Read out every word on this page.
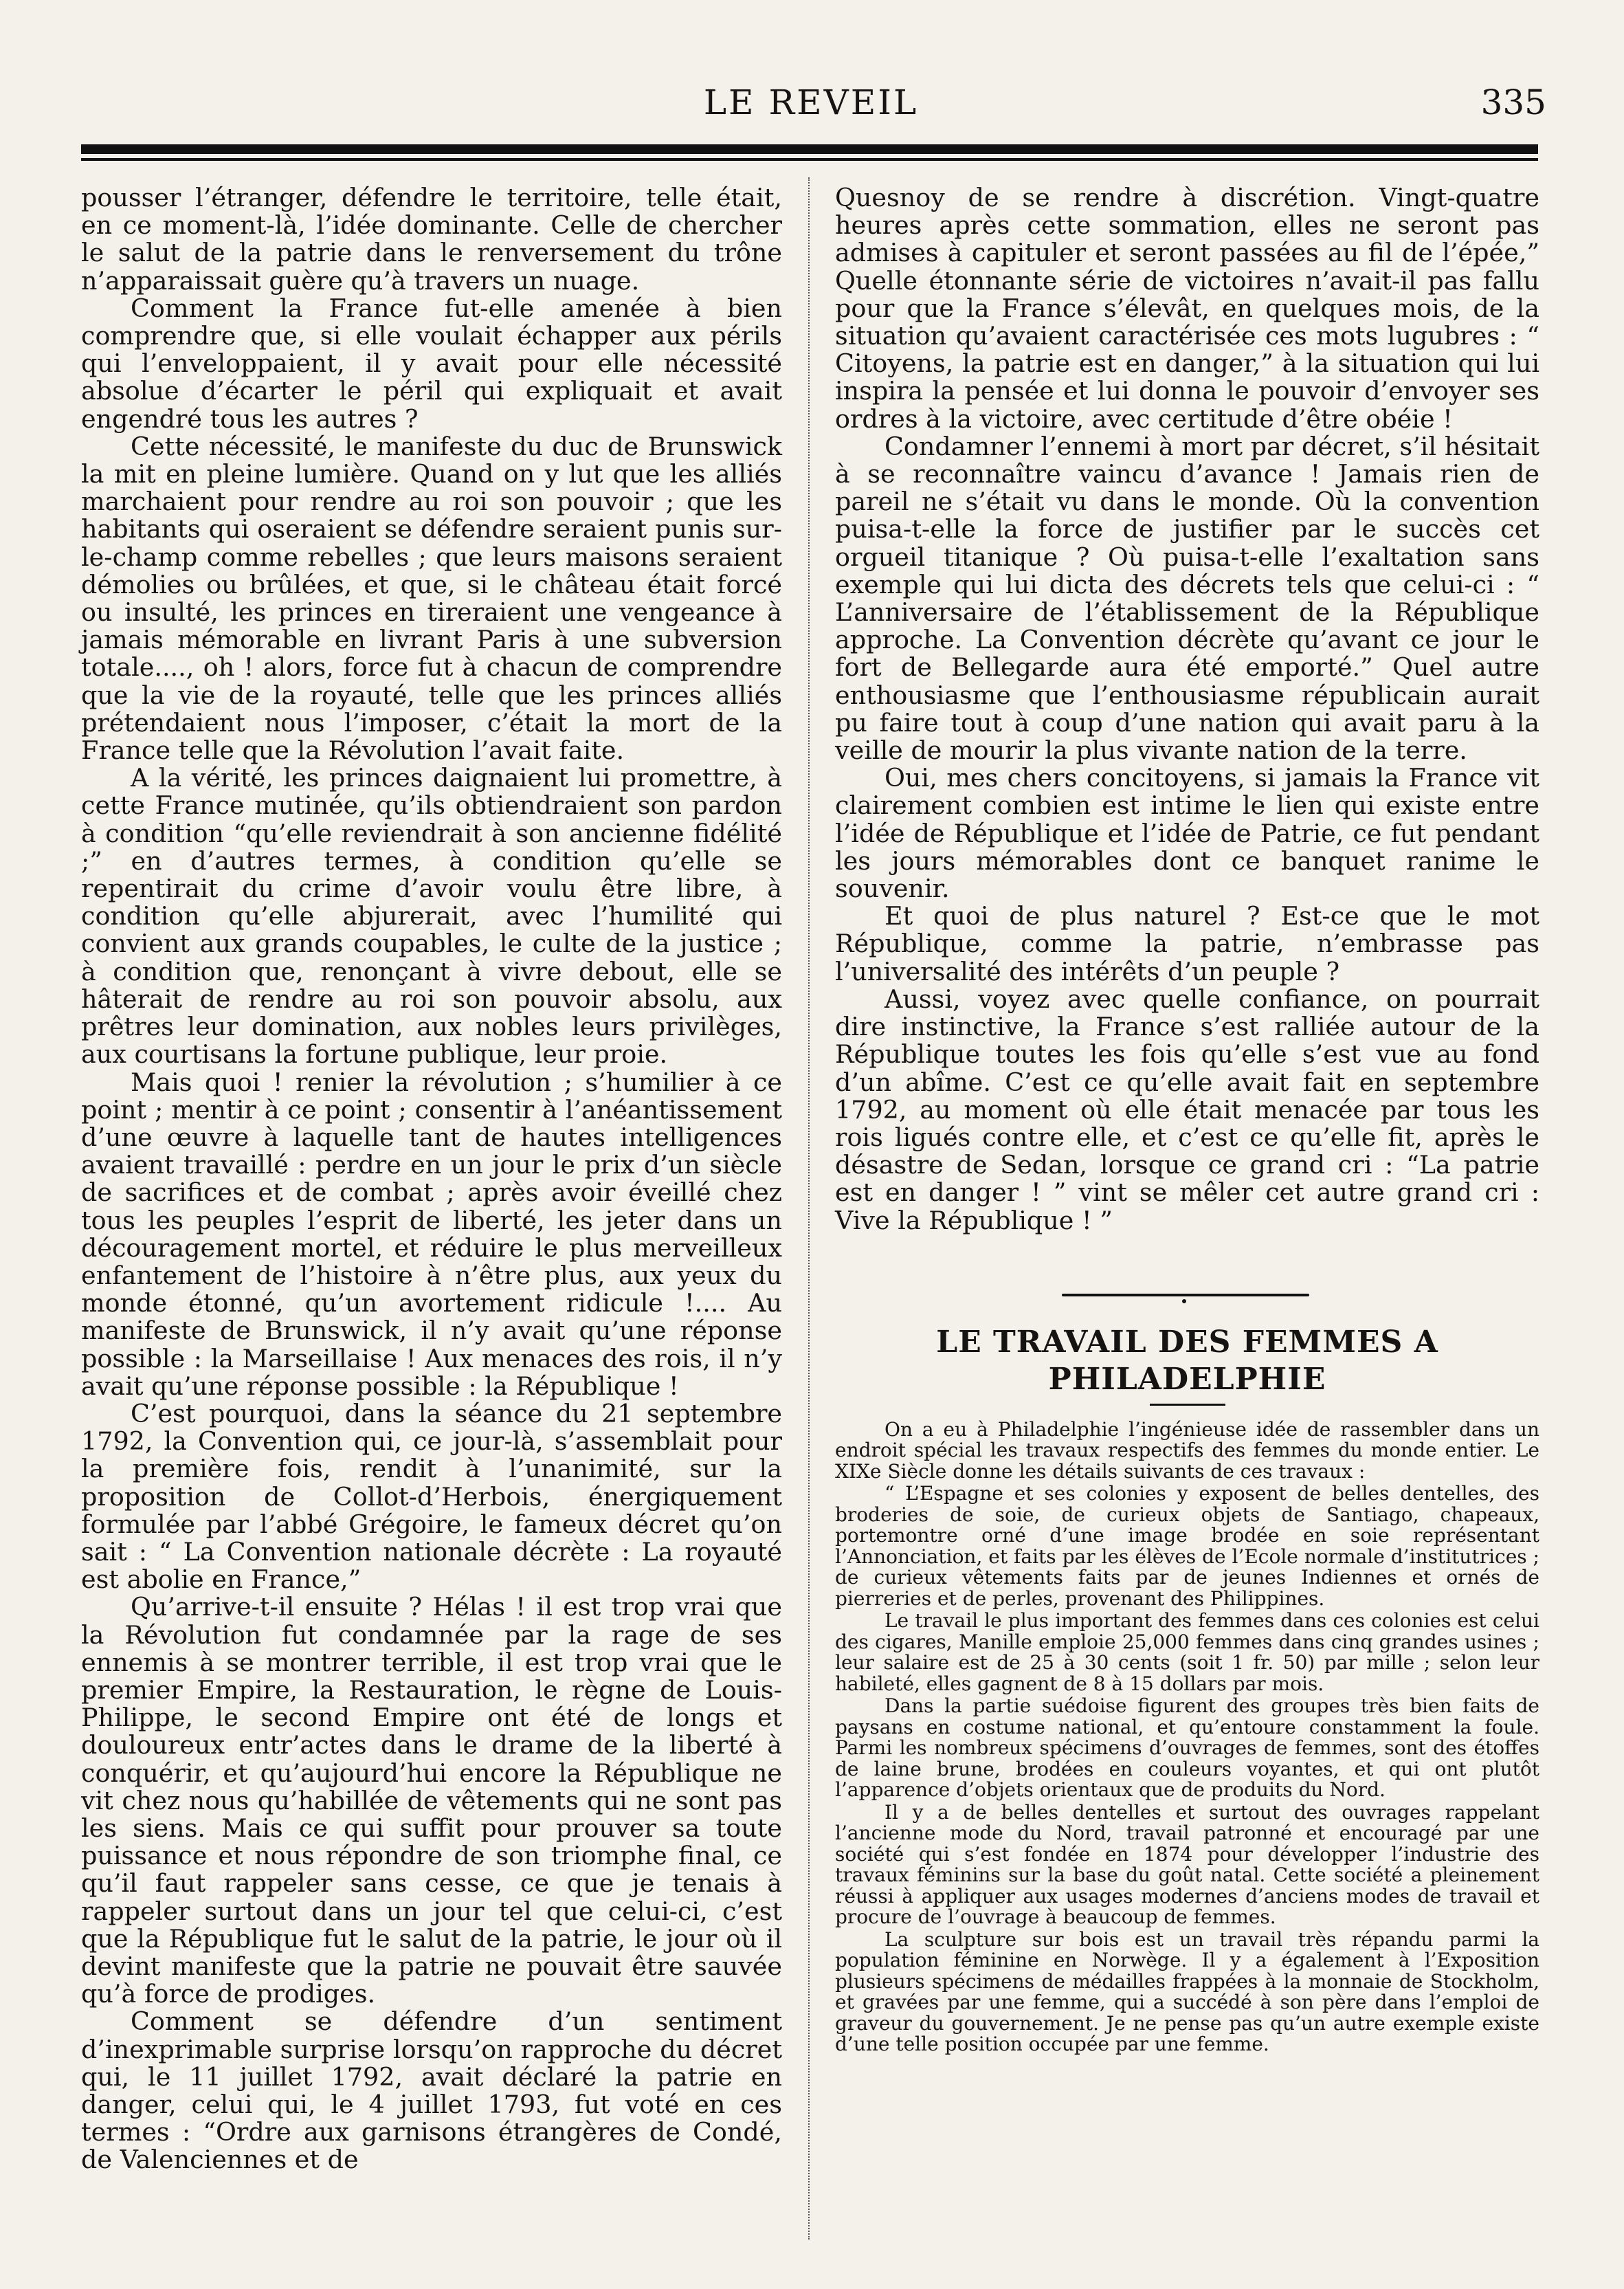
LE REVEIL	335

pousser l’étranger, défendre le territoire, telle était, en ce moment-là, l’idée dominante. Celle de chercher le salut de la patrie dans le renversement du trône n’apparaissait guère qu’à travers un nuage.

Comment la France fut-elle amenée à bien comprendre que, si elle voulait échapper aux périls qui l’enveloppaient, il y avait pour elle nécessité absolue d’écarter le péril qui expliquait et avait engendré tous les autres ?

Cette nécessité, le manifeste du duc de Brunswick la mit en pleine lumière. Quand on y lut que les alliés marchaient pour rendre au roi son pouvoir ; que les habitants qui oseraient se défendre seraient punis sur-le-champ comme rebelles ; que leurs maisons seraient démolies ou brûlées, et que, si le château était forcé ou insulté, les princes en tireraient une vengeance à jamais mémorable en livrant Paris à une subversion totale...., oh ! alors, force fut à chacun de comprendre que la vie de la royauté, telle que les princes alliés prétendaient nous l’imposer, c’était la mort de la France telle que la Révolution l’avait faite.

A la vérité, les princes daignaient lui promettre, à cette France mutinée, qu’ils obtiendraient son pardon à condition “qu’elle reviendrait à son ancienne fidélité ;” en d’autres termes, à condition qu’elle se repentirait du crime d’avoir voulu être libre, à condition qu’elle abjurerait, avec l’humilité qui convient aux grands coupables, le culte de la justice ; à condition que, renonçant à vivre debout, elle se hâterait de rendre au roi son pouvoir absolu, aux prêtres leur domination, aux nobles leurs privilèges, aux courtisans la fortune publique, leur proie.

Mais quoi ! renier la révolution ; s’humilier à ce point ; mentir à ce point ; consentir à l’anéantissement d’une œuvre à laquelle tant de hautes intelligences avaient travaillé : perdre en un jour le prix d’un siècle de sacrifices et de combat ; après avoir éveillé chez tous les peuples l’esprit de liberté, les jeter dans un découragement mortel, et réduire le plus merveilleux enfantement de l’histoire à n’être plus, aux yeux du monde étonné, qu’un avortement ridicule !.... Au manifeste de Brunswick, il n’y avait qu’une réponse possible : la Marseillaise ! Aux menaces des rois, il n’y avait qu’une réponse possible : la République !

C’est pourquoi, dans la séance du 21 septembre 1792, la Convention qui, ce jour-là, s’assemblait pour la première fois, rendit à l’unanimité, sur la proposition de Collot-d’Herbois, énergiquement formulée par l’abbé Grégoire, le fameux décret qu’on sait : “ La Convention nationale décrète : La royauté est abolie en France,”

Qu’arrive-t-il ensuite ? Hélas ! il est trop vrai que la Révolution fut condamnée par la rage de ses ennemis à se montrer terrible, il est trop vrai que le premier Empire, la Restauration, le règne de Louis-Philippe, le second Empire ont été de longs et douloureux entr’actes dans le drame de la liberté à conquérir, et qu’aujourd’hui encore la République ne vit chez nous qu’habillée de vêtements qui ne sont pas les siens. Mais ce qui suffit pour prouver sa toute puissance et nous répondre de son triomphe final, ce qu’il faut rappeler sans cesse, ce que je tenais à rappeler surtout dans un jour tel que celui-ci, c’est que la République fut le salut de la patrie, le jour où il devint manifeste que la patrie ne pouvait être sauvée qu’à force de prodiges.

Comment se défendre d’un sentiment d’inexprimable surprise lorsqu’on rapproche du décret qui, le 11 juillet 1792, avait déclaré la patrie en danger, celui qui, le 4 juillet 1793, fut voté en ces termes : “Ordre aux garnisons étrangères de Condé, de Valenciennes et de

Quesnoy de se rendre à discrétion. Vingt-quatre heures après cette sommation, elles ne seront pas admises à capituler et seront passées au fil de l’épée,” Quelle étonnante série de victoires n’avait-il pas fallu pour que la France s’élevât, en quelques mois, de la situation qu’avaient caractérisée ces mots lugubres : “ Citoyens, la patrie est en danger,” à la situation qui lui inspira la pensée et lui donna le pouvoir d’envoyer ses ordres à la victoire, avec certitude d’être obéie !

Condamner l’ennemi à mort par décret, s’il hésitait à se reconnaître vaincu d’avance ! Jamais rien de pareil ne s’était vu dans le monde. Où la convention puisa-t-elle la force de justifier par le succès cet orgueil titanique ? Où puisa-t-elle l’exaltation sans exemple qui lui dicta des décrets tels que celui-ci : “ L’anniversaire de l’établissement de la République approche. La Convention décrète qu’avant ce jour le fort de Bellegarde aura été emporté.” Quel autre enthousiasme que l’enthousiasme républicain aurait pu faire tout à coup d’une nation qui avait paru à la veille de mourir la plus vivante nation de la terre.

Oui, mes chers concitoyens, si jamais la France vit clairement combien est intime le lien qui existe entre l’idée de République et l’idée de Patrie, ce fut pendant les jours mémorables dont ce banquet ranime le souvenir.

Et quoi de plus naturel ? Est-ce que le mot République, comme la patrie, n’embrasse pas l’universalité des intérêts d’un peuple ?

Aussi, voyez avec quelle confiance, on pourrait dire instinctive, la France s’est ralliée autour de la République toutes les fois qu’elle s’est vue au fond d’un abîme. C’est ce qu’elle avait fait en septembre 1792, au moment où elle était menacée par tous les rois ligués contre elle, et c’est ce qu’elle fit, après le désastre de Sedan, lorsque ce grand cri : “La patrie est en danger ! ” vint se mêler cet autre grand cri : Vive la République ! ”

LE TRAVAIL DES FEMMES A PHILADELPHIE

On a eu à Philadelphie l’ingénieuse idée de rassembler dans un endroit spécial les travaux respectifs des femmes du monde entier. Le XIXe Siècle donne les détails suivants de ces travaux :

“ L’Espagne et ses colonies y exposent de belles dentelles, des broderies de soie, de curieux objets de Santiago, chapeaux, portemontre orné d’une image brodée en soie représentant l’Annonciation, et faits par les élèves de l’Ecole normale d’institutrices ; de curieux vêtements faits par de jeunes Indiennes et ornés de pierreries et de perles, provenant des Philippines.

Le travail le plus important des femmes dans ces colonies est celui des cigares, Manille emploie 25,000 femmes dans cinq grandes usines ; leur salaire est de 25 à 30 cents (soit 1 fr. 50) par mille ; selon leur habileté, elles gagnent de 8 à 15 dollars par mois.

Dans la partie suédoise figurent des groupes très bien faits de paysans en costume national, et qu’entoure constamment la foule. Parmi les nombreux spécimens d’ouvrages de femmes, sont des étoffes de laine brune, brodées en couleurs voyantes, et qui ont plutôt l’apparence d’objets orientaux que de produits du Nord.

Il y a de belles dentelles et surtout des ouvrages rappelant l’ancienne mode du Nord, travail patronné et encouragé par une société qui s’est fondée en 1874 pour développer l’industrie des travaux féminins sur la base du goût natal. Cette société a pleinement réussi à appliquer aux usages modernes d’anciens modes de travail et procure de l’ouvrage à beaucoup de femmes.

La sculpture sur bois est un travail très répandu parmi la population féminine en Norwège. Il y a également à l’Exposition plusieurs spécimens de médailles frappées à la monnaie de Stockholm, et gravées par une femme, qui a succédé à son père dans l’emploi de graveur du gouvernement. Je ne pense pas qu’un autre exemple existe d’une telle position occupée par une femme.
